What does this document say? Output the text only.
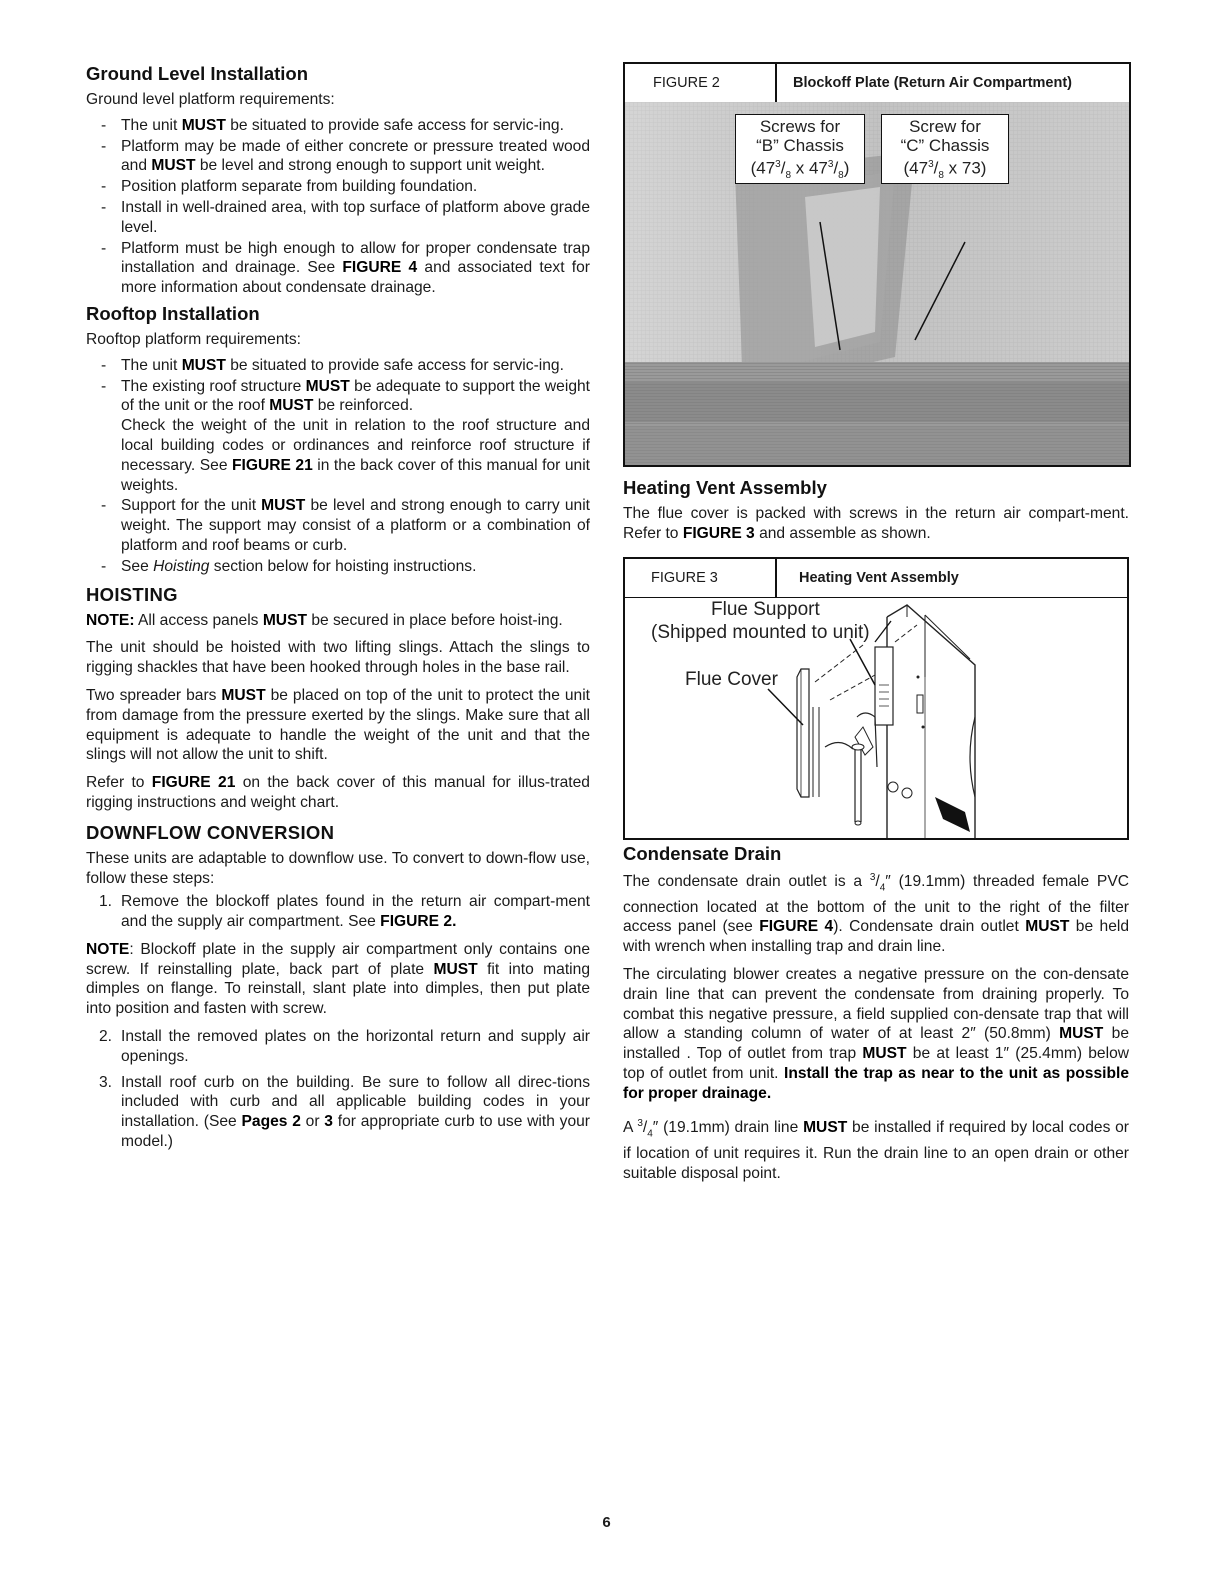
Ground Level Installation

Ground level platform requirements:

- The unit MUST be situated to provide safe access for servic-ing.
- Platform may be made of either concrete or pressure treated wood and MUST be level and strong enough to support unit weight.
- Position platform separate from building foundation.
- Install in well-drained area, with top surface of platform above grade level.
- Platform must be high enough to allow for proper condensate trap installation and drainage. See FIGURE 4 and associated text for more information about condensate drainage.
Rooftop Installation

Rooftop platform requirements:

- The unit MUST be situated to provide safe access for servic-ing.
- The existing roof structure MUST be adequate to support the weight of the unit or the roof MUST be reinforced.
Check the weight of the unit in relation to the roof structure and local building codes or ordinances and reinforce roof structure if necessary. See FIGURE 21 in the back cover of this manual for unit weights.
- Support for the unit MUST be level and strong enough to carry unit weight. The support may consist of a platform or a combination of platform and roof beams or curb.
- See Hoisting section below for hoisting instructions.
HOISTING

NOTE: All access panels MUST be secured in place before hoist-ing.

The unit should be hoisted with two lifting slings. Attach the slings to rigging shackles that have been hooked through holes in the base rail.

Two spreader bars MUST be placed on top of the unit to protect the unit from damage from the pressure exerted by the slings. Make sure that all equipment is adequate to handle the weight of the unit and that the slings will not allow the unit to shift.

Refer to FIGURE 21 on the back cover of this manual for illus-trated rigging instructions and weight chart.

DOWNFLOW CONVERSION

These units are adaptable to downflow use. To convert to down-flow use, follow these steps:

1. Remove the blockoff plates found in the return air compart-ment and the supply air compartment. See FIGURE 2.

NOTE: Blockoff plate in the supply air compartment only contains one screw. If reinstalling plate, back part of plate MUST fit into mating dimples on flange. To reinstall, slant plate into dimples, then put plate into position and fasten with screw.

2. Install the removed plates on the horizontal return and supply air openings.
3. Install roof curb on the building. Be sure to follow all direc-tions included with curb and all applicable building codes in your installation. (See Pages 2 or 3 for appropriate curb to use with your model.)
FIGURE 2	Blockoff Plate (Return Air Compartment)
Screws for
“B” Chassis
($47^3/_8$ x $47^3/_8$)
Screw for
“C” Chassis
($47^3/_8$ x 73)
Heating Vent Assembly

The flue cover is packed with screws in the return air compart-ment. Refer to FIGURE 3 and assemble as shown.

FIGURE 3	Heating Vent Assembly
Flue Support
(Shipped mounted to unit)
Flue Cover
Condensate Drain

The condensate drain outlet is a $^3/_4''$ (19.1mm) threaded female PVC connection located at the bottom of the unit to the right of the filter access panel (see FIGURE 4). Condensate drain outlet MUST be held with wrench when installing trap and drain line.

The circulating blower creates a negative pressure on the con-densate drain line that can prevent the condensate from draining properly. To combat this negative pressure, a field supplied con-densate trap that will allow a standing column of water of at least 2″ (50.8mm) MUST be installed . Top of outlet from trap MUST be at least 1″ (25.4mm) below top of outlet from unit. Install the trap as near to the unit as possible for proper drainage.

A $^3/_4''$ (19.1mm) drain line MUST be installed if required by local codes or if location of unit requires it. Run the drain line to an open drain or other suitable disposal point.

6
